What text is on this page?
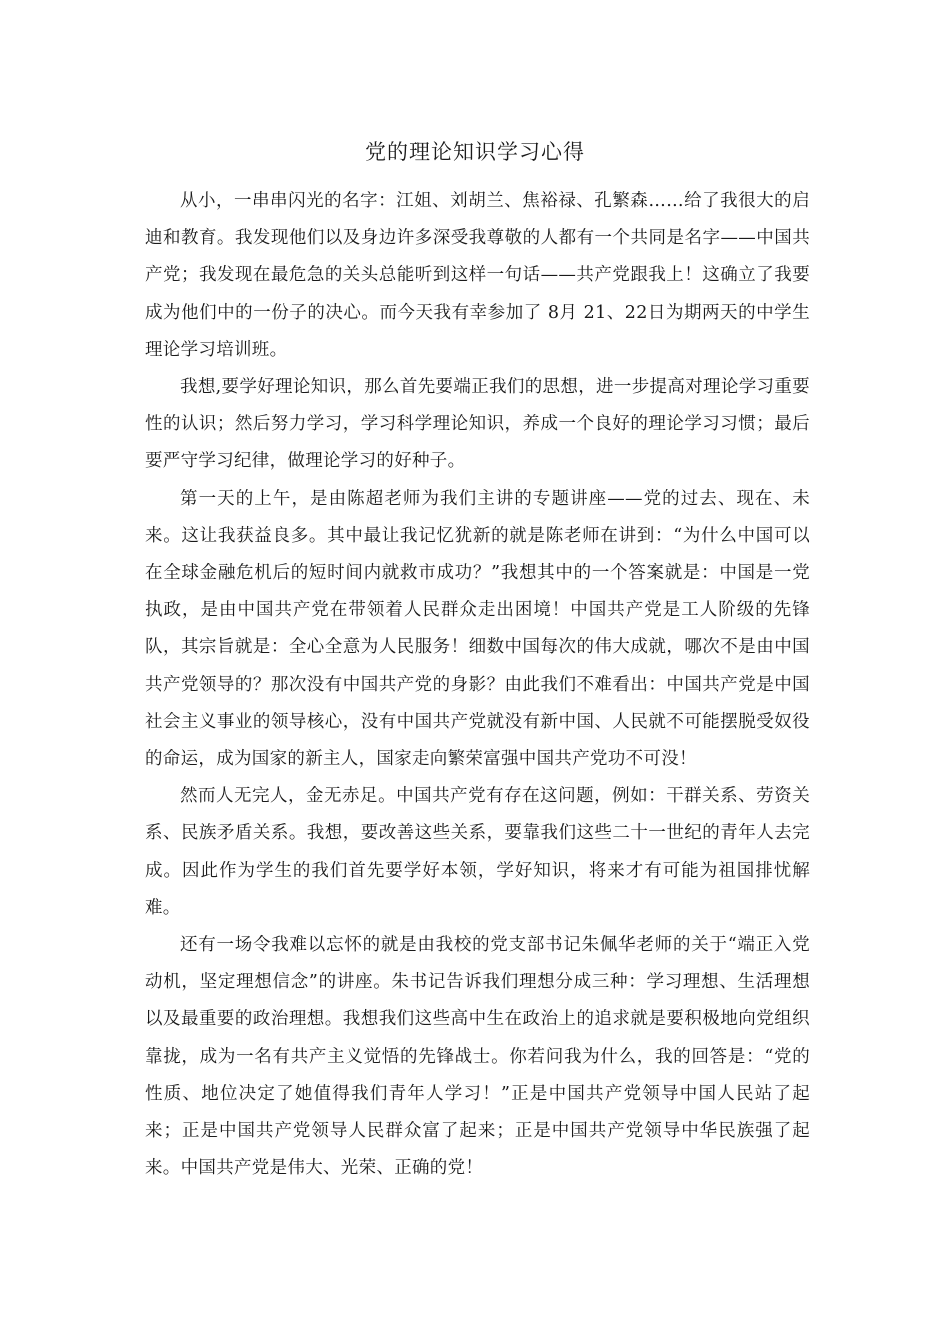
党的理论知识学习心得

从小，一串串闪光的名字：江姐、刘胡兰、焦裕禄、孔繁森……给了我很大的启迪和教育。我发现他们以及身边许多深受我尊敬的人都有一个共同是名字——中国共产党；我发现在最危急的关头总能听到这样一句话——共产党跟我上！这确立了我要成为他们中的一份子的决心。而今天我有幸参加了 8月 21、22日为期两天的中学生理论学习培训班。

我想,要学好理论知识，那么首先要端正我们的思想，进一步提高对理论学习重要性的认识；然后努力学习，学习科学理论知识，养成一个良好的理论学习习惯；最后要严守学习纪律，做理论学习的好种子。

第一天的上午，是由陈超老师为我们主讲的专题讲座——党的过去、现在、未来。这让我获益良多。其中最让我记忆犹新的就是陈老师在讲到：“为什么中国可以在全球金融危机后的短时间内就救市成功？”我想其中的一个答案就是：中国是一党执政，是由中国共产党在带领着人民群众走出困境！中国共产党是工人阶级的先锋队，其宗旨就是：全心全意为人民服务！细数中国每次的伟大成就，哪次不是由中国共产党领导的？那次没有中国共产党的身影？由此我们不难看出：中国共产党是中国社会主义事业的领导核心，没有中国共产党就没有新中国、人民就不可能摆脱受奴役的命运，成为国家的新主人，国家走向繁荣富强中国共产党功不可没！

然而人无完人，金无赤足。中国共产党有存在这问题，例如：干群关系、劳资关系、民族矛盾关系。我想，要改善这些关系，要靠我们这些二十一世纪的青年人去完成。因此作为学生的我们首先要学好本领，学好知识，将来才有可能为祖国排忧解难。

还有一场令我难以忘怀的就是由我校的党支部书记朱佩华老师的关于“端正入党动机，坚定理想信念”的讲座。朱书记告诉我们理想分成三种：学习理想、生活理想以及最重要的政治理想。我想我们这些高中生在政治上的追求就是要积极地向党组织靠拢，成为一名有共产主义觉悟的先锋战士。你若问我为什么，我的回答是：“党的性质、地位决定了她值得我们青年人学习！”正是中国共产党领导中国人民站了起来；正是中国共产党领导人民群众富了起来；正是中国共产党领导中华民族强了起来。中国共产党是伟大、光荣、正确的党！
